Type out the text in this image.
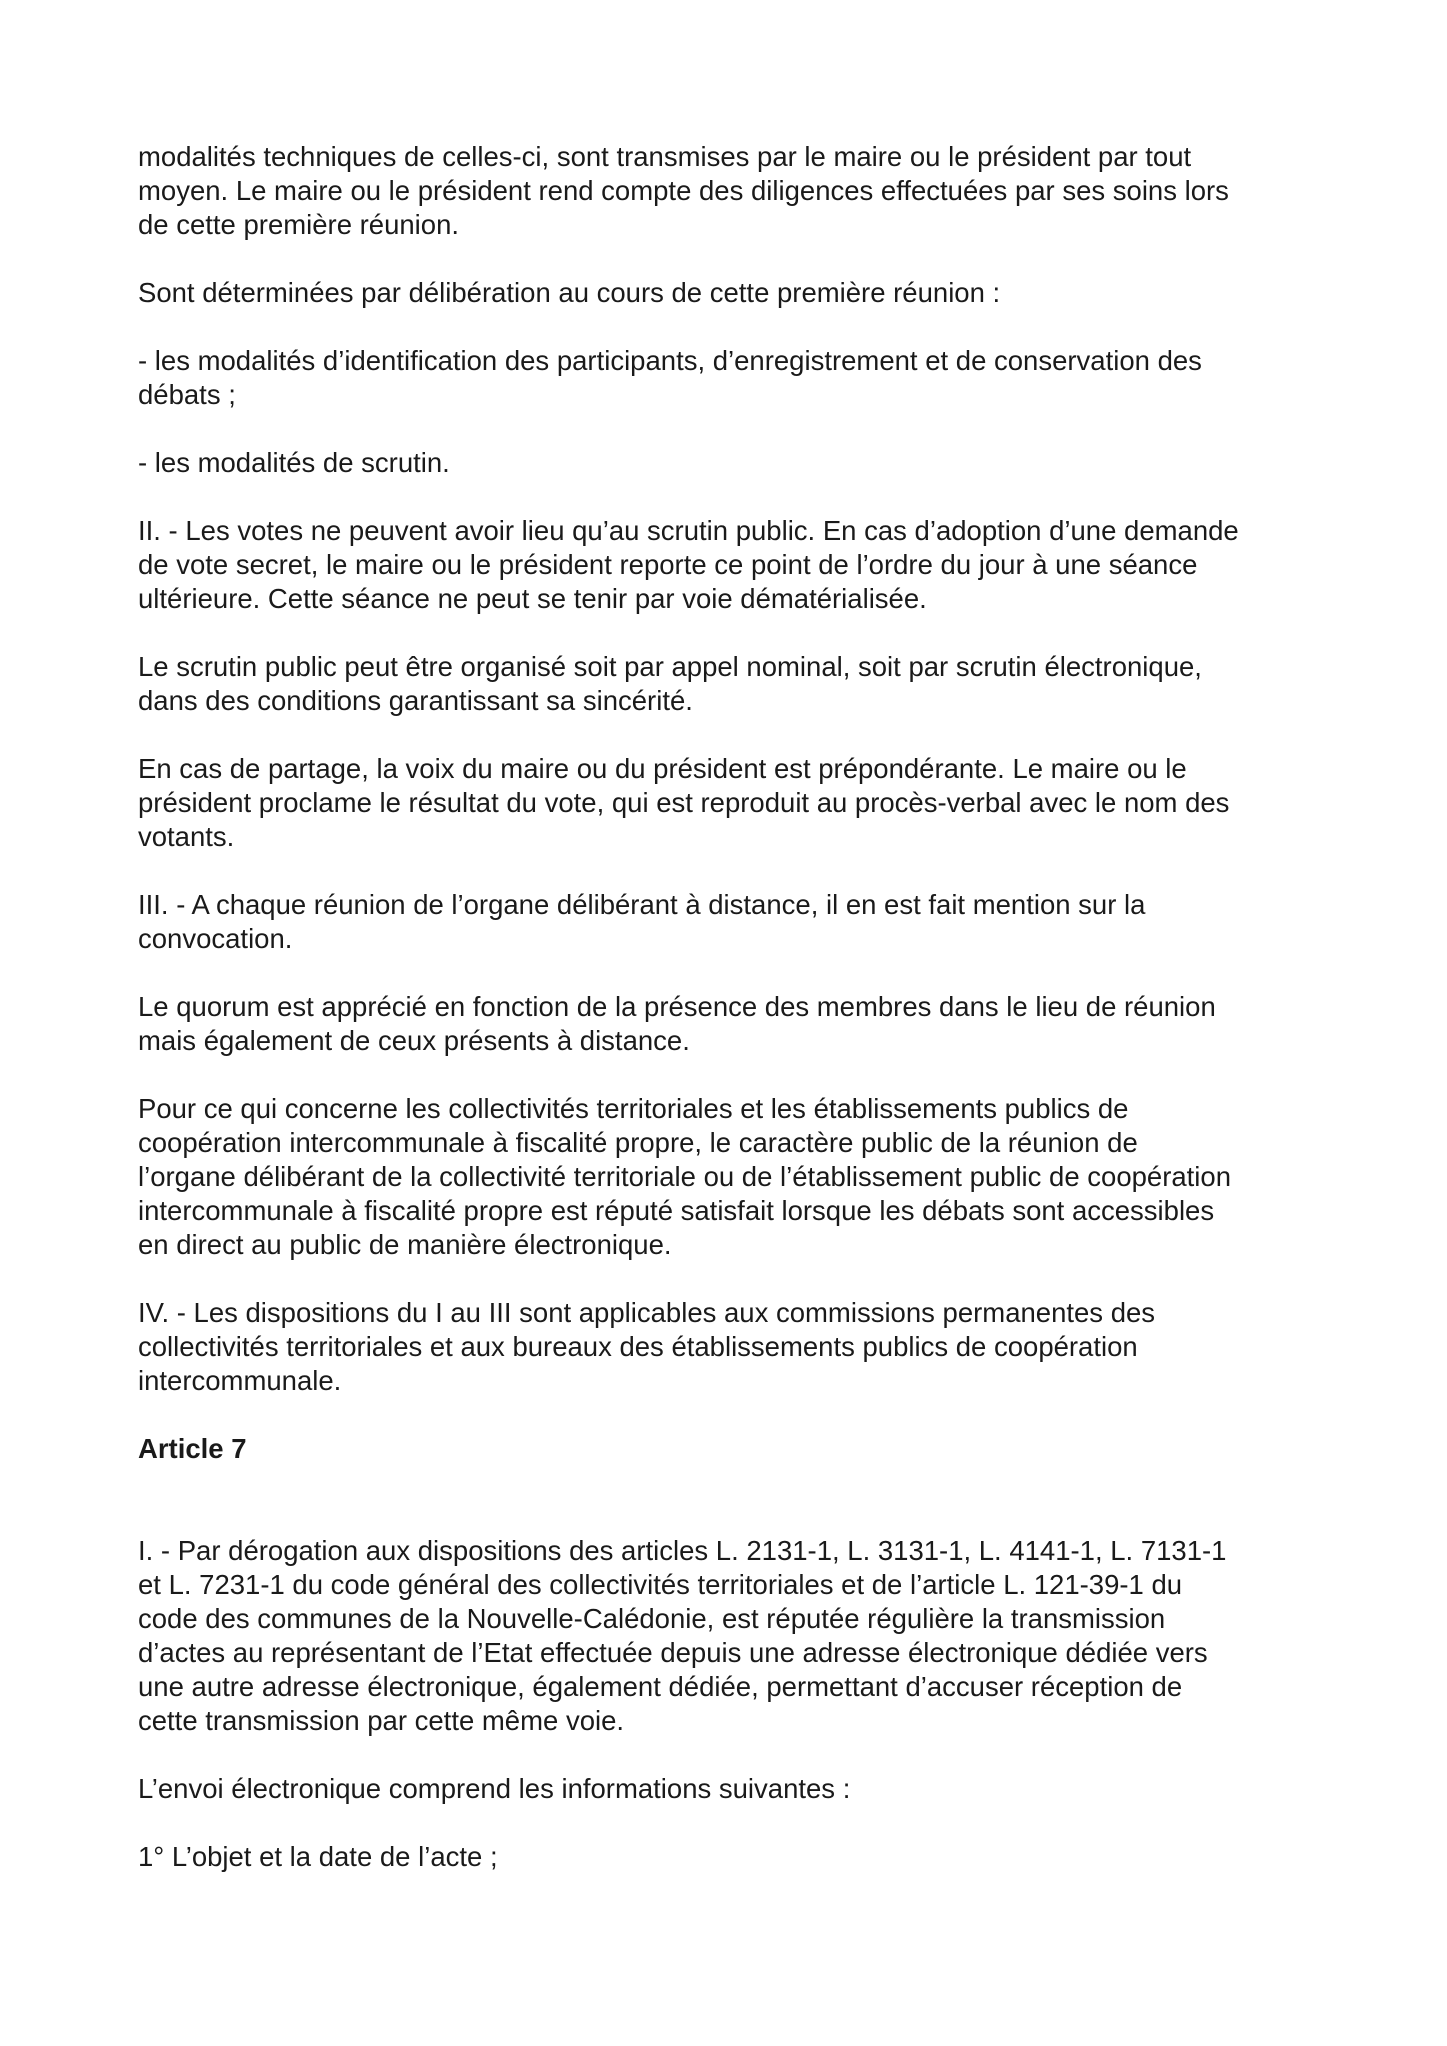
modalités techniques de celles-ci, sont transmises par le maire ou le président par tout
moyen. Le maire ou le président rend compte des diligences effectuées par ses soins lors
de cette première réunion.
Sont déterminées par délibération au cours de cette première réunion :
- les modalités d’identification des participants, d’enregistrement et de conservation des
débats ;
- les modalités de scrutin.
II. - Les votes ne peuvent avoir lieu qu’au scrutin public. En cas d’adoption d’une demande
de vote secret, le maire ou le président reporte ce point de l’ordre du jour à une séance
ultérieure. Cette séance ne peut se tenir par voie dématérialisée.
Le scrutin public peut être organisé soit par appel nominal, soit par scrutin électronique,
dans des conditions garantissant sa sincérité.
En cas de partage, la voix du maire ou du président est prépondérante. Le maire ou le
président proclame le résultat du vote, qui est reproduit au procès-verbal avec le nom des
votants.
III. - A chaque réunion de l’organe délibérant à distance, il en est fait mention sur la
convocation.
Le quorum est apprécié en fonction de la présence des membres dans le lieu de réunion
mais également de ceux présents à distance.
Pour ce qui concerne les collectivités territoriales et les établissements publics de
coopération intercommunale à fiscalité propre, le caractère public de la réunion de
l’organe délibérant de la collectivité territoriale ou de l’établissement public de coopération
intercommunale à fiscalité propre est réputé satisfait lorsque les débats sont accessibles
en direct au public de manière électronique.
IV. - Les dispositions du I au III sont applicables aux commissions permanentes des
collectivités territoriales et aux bureaux des établissements publics de coopération
intercommunale.
Article 7
I. - Par dérogation aux dispositions des articles L. 2131-1, L. 3131-1, L. 4141-1, L. 7131-1
et L. 7231-1 du code général des collectivités territoriales et de l’article L. 121-39-1 du
code des communes de la Nouvelle-Calédonie, est réputée régulière la transmission
d’actes au représentant de l’Etat effectuée depuis une adresse électronique dédiée vers
une autre adresse électronique, également dédiée, permettant d’accuser réception de
cette transmission par cette même voie.
L’envoi électronique comprend les informations suivantes :
1° L’objet et la date de l’acte ;
